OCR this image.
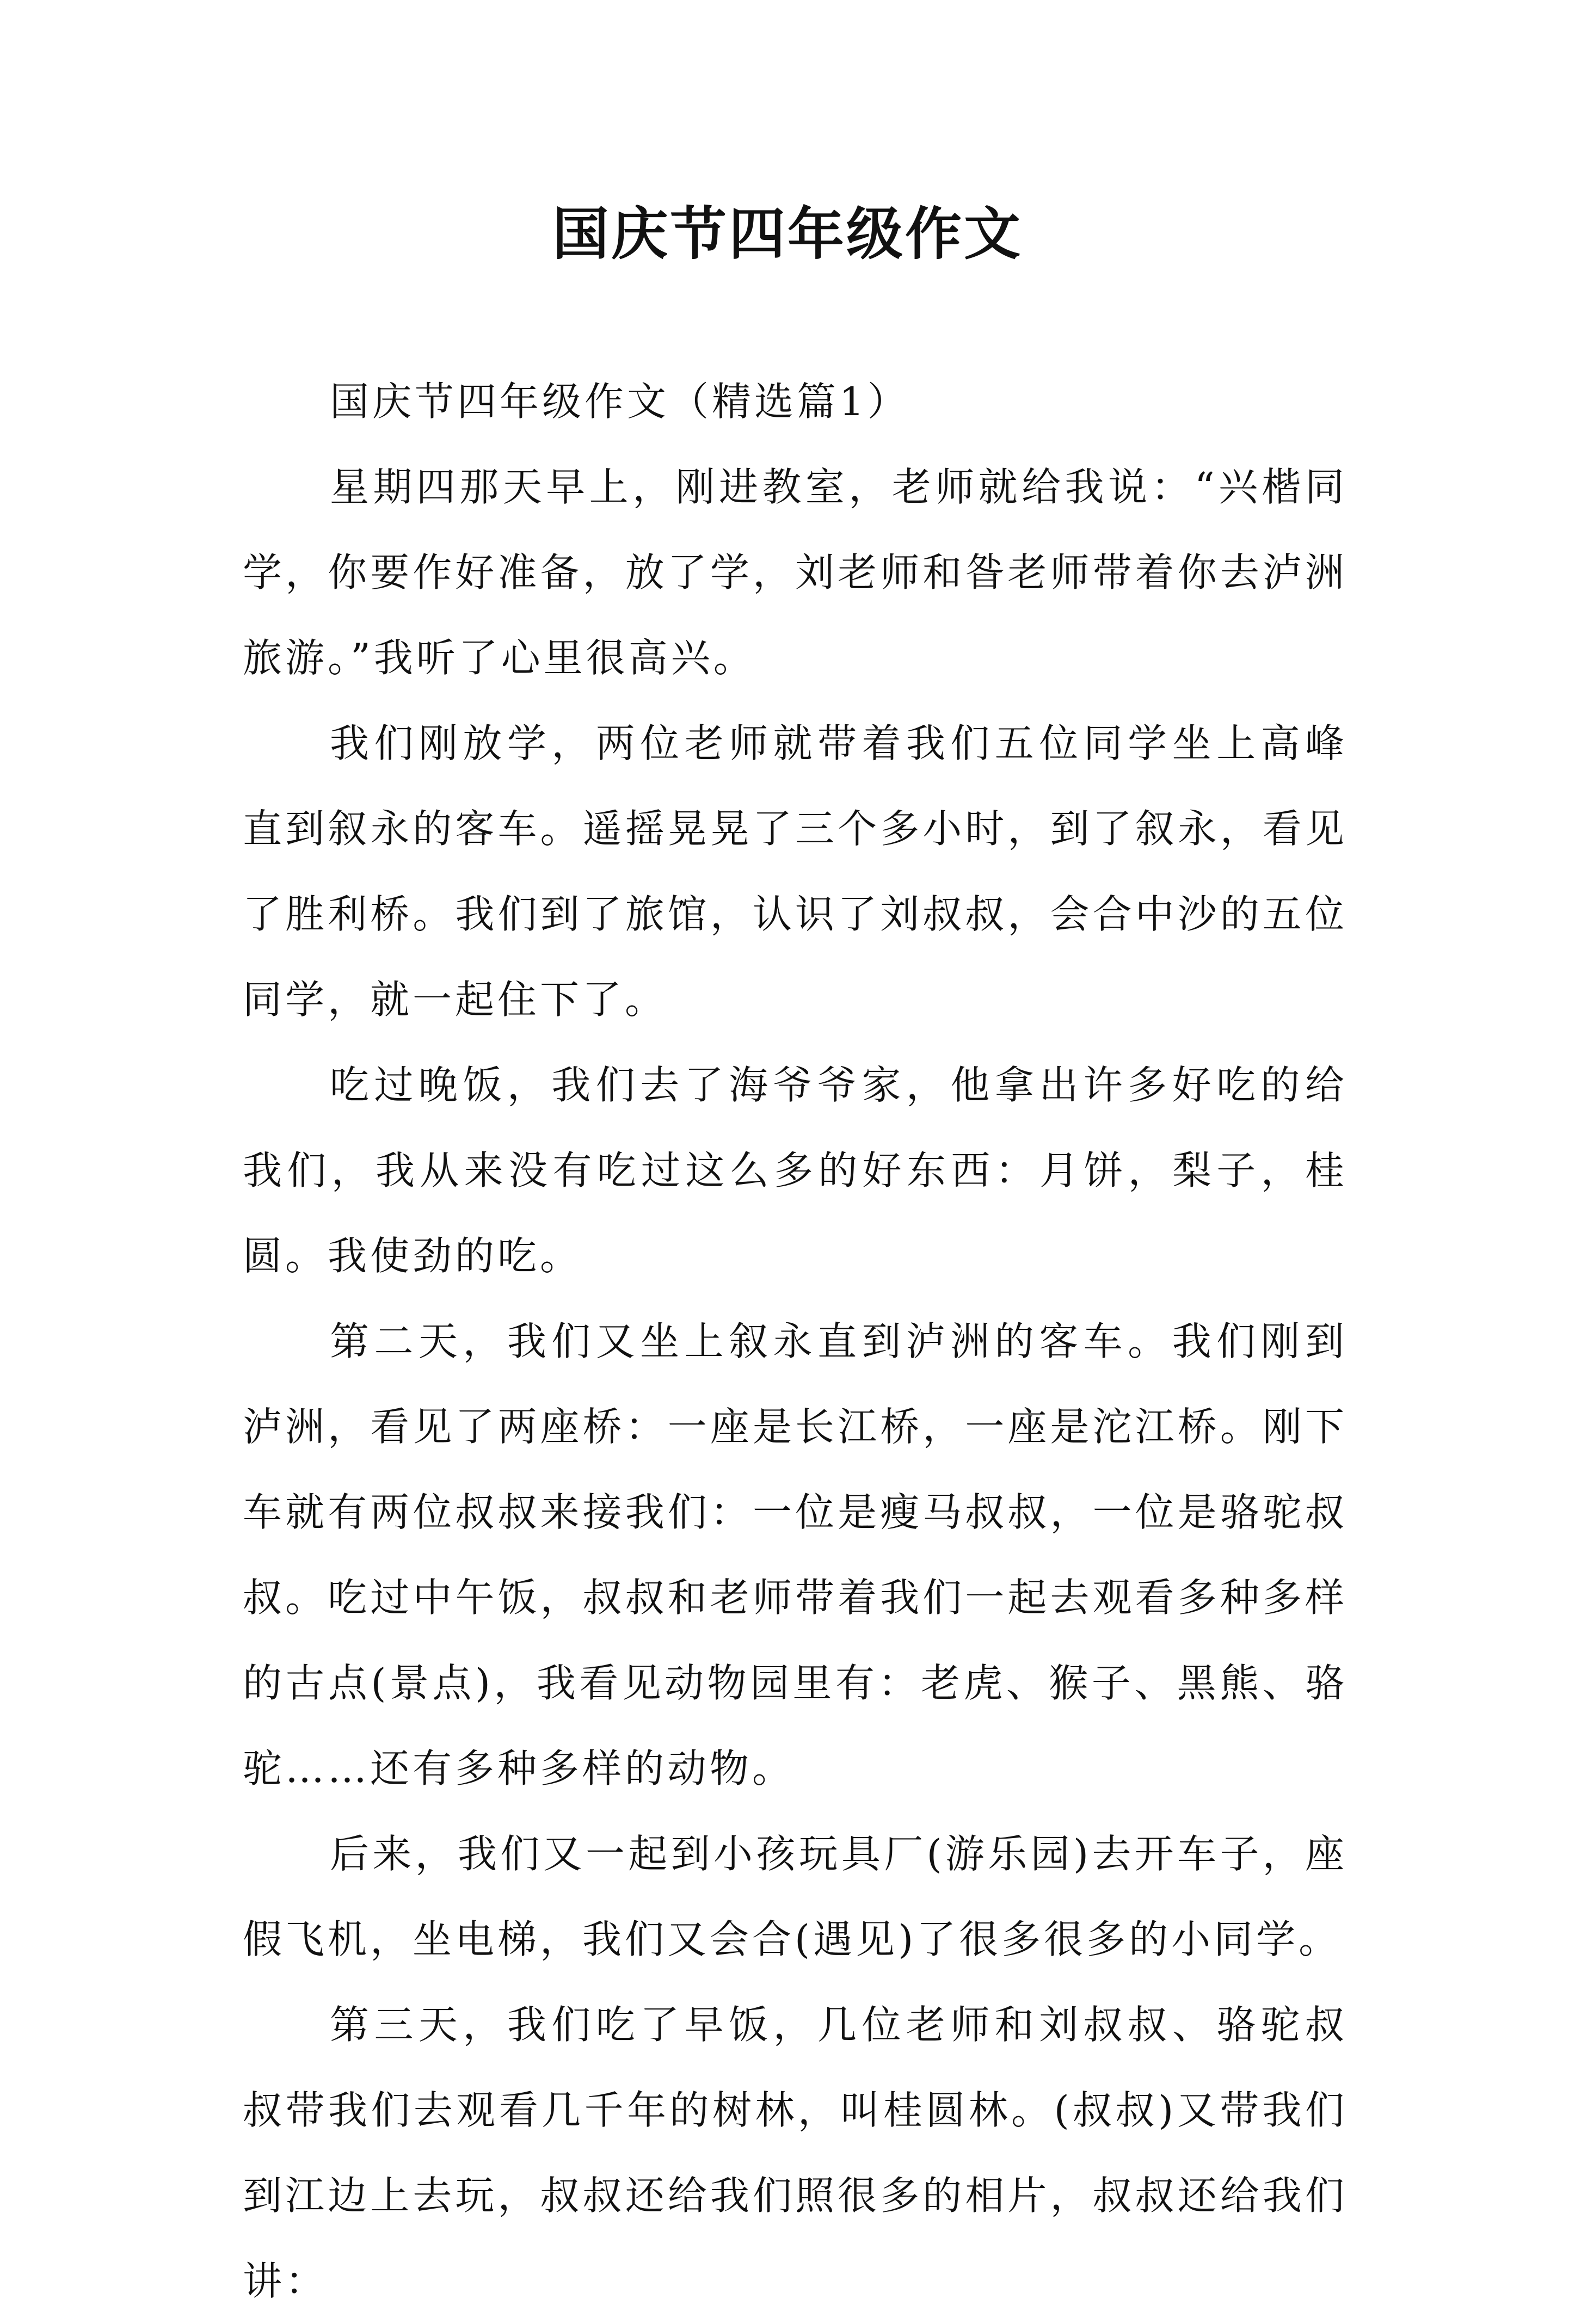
国庆节四年级作文

国庆节四年级作文（精选篇1）

星期四那天早上，刚进教室，老师就给我说：“兴楷同学，你要作好准备，放了学，刘老师和昝老师带着你去泸洲旅游。”我听了心里很高兴。

我们刚放学，两位老师就带着我们五位同学坐上高峰直到叙永的客车。遥摇晃晃了三个多小时，到了叙永，看见了胜利桥。我们到了旅馆，认识了刘叔叔，会合中沙的五位同学，就一起住下了。

吃过晚饭，我们去了海爷爷家，他拿出许多好吃的给我们，我从来没有吃过这么多的好东西：月饼，梨子，桂圆。我使劲的吃。

第二天，我们又坐上叙永直到泸洲的客车。我们刚到泸洲，看见了两座桥：一座是长江桥，一座是沱江桥。刚下车就有两位叔叔来接我们：一位是瘦马叔叔，一位是骆驼叔叔。吃过中午饭，叔叔和老师带着我们一起去观看多种多样的古点(景点)，我看见动物园里有：老虎、猴子、黑熊、骆驼……还有多种多样的动物。

后来，我们又一起到小孩玩具厂(游乐园)去开车子，座假飞机，坐电梯，我们又会合(遇见)了很多很多的小同学。

第三天，我们吃了早饭，几位老师和刘叔叔、骆驼叔叔带我们去观看几千年的树林，叫桂圆林。(叔叔)又带我们到江边上去玩，叔叔还给我们照很多的相片，叔叔还给我们讲：
